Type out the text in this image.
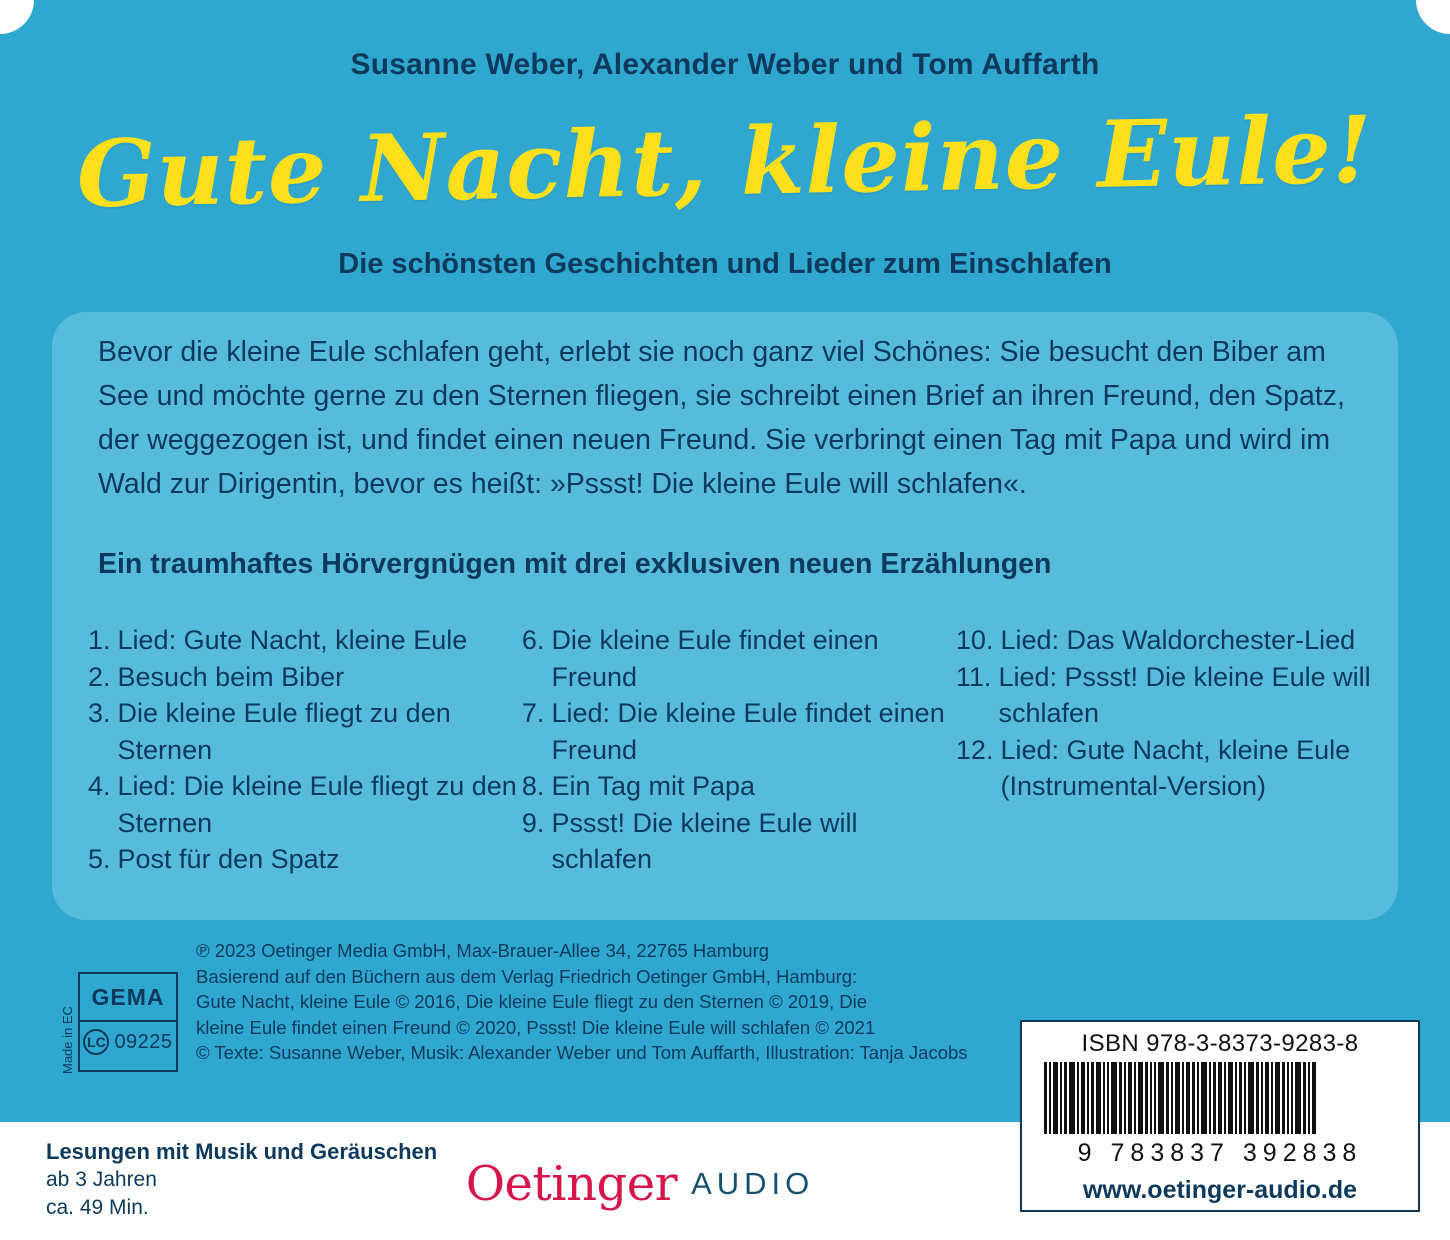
Susanne Weber, Alexander Weber und Tom Auffarth
Gute Nacht, kleine Eule!
Die schönsten Geschichten und Lieder zum Einschlafen
Bevor die kleine Eule schlafen geht, erlebt sie noch ganz viel Schönes: Sie besucht den Biber am See und möchte gerne zu den Sternen fliegen, sie schreibt einen Brief an ihren Freund, den Spatz, der weggezogen ist, und findet einen neuen Freund. Sie verbringt einen Tag mit Papa und wird im Wald zur Dirigentin, bevor es heißt: »Pssst! Die kleine Eule will schlafen«.
Ein traumhaftes Hörvergnügen mit drei exklusiven neuen Erzählungen
1. Lied: Gute Nacht, kleine Eule
2. Besuch beim Biber
3. Die kleine Eule fliegt zu den Sternen
4. Lied: Die kleine Eule fliegt zu den Sternen
5. Post für den Spatz
6. Die kleine Eule findet einen Freund
7. Lied: Die kleine Eule findet einen Freund
8. Ein Tag mit Papa
9. Pssst! Die kleine Eule will schlafen
10. Lied: Das Waldorchester-Lied
11. Lied: Pssst! Die kleine Eule will schlafen
12. Lied: Gute Nacht, kleine Eule (Instrumental-Version)
℗ 2023 Oetinger Media GmbH, Max-Brauer-Allee 34, 22765 Hamburg
Basierend auf den Büchern aus dem Verlag Friedrich Oetinger GmbH, Hamburg:
Gute Nacht, kleine Eule © 2016, Die kleine Eule fliegt zu den Sternen © 2019, Die
kleine Eule findet einen Freund © 2020, Pssst! Die kleine Eule will schlafen © 2021
© Texte: Susanne Weber, Musik: Alexander Weber und Tom Auffarth, Illustration: Tanja Jacobs
Made in EC
GEMA
LC 09225
Lesungen mit Musik und Geräuschen
ab 3 Jahren
ca. 49 Min.	Oetinger AUDIO
ISBN 978-3-8373-9283-8
9 783837 392838
www.oetinger-audio.de
